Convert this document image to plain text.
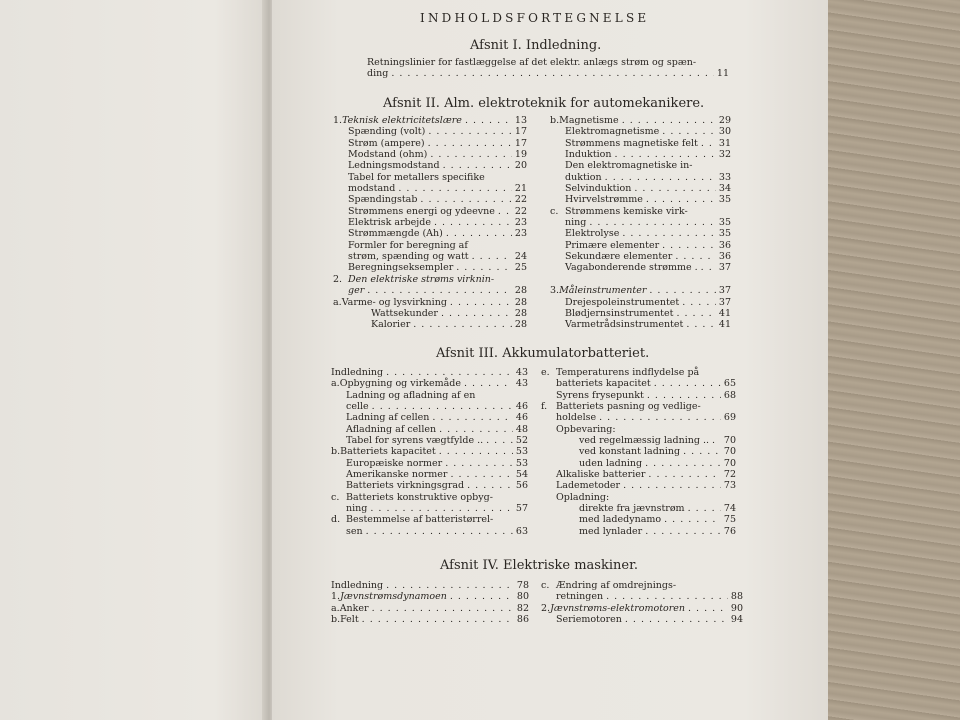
INDHOLDSFORTEGNELSE
Afsnit I. Indledning.
Retningslinier for fastlæggelse af det elektr. anlægs strøm og spæn-
ding . . .	11
Afsnit II. Alm. elektroteknik for automekanikere.
1. Teknisk elektricitetslære . . .	13
Spænding (volt) . . .	17
Strøm (ampere) . . .	17
Modstand (ohm) . . .	19
Ledningsmodstand . . .	20
Tabel for metallers specifike
modstand . . .	21
Spændingstab . . .	22
Strømmens energi og ydeevne . . . 22
Elektrisk arbejde . . .	23
Strømmængde (Ah) . . .	23
Formler for beregning af
strøm, spænding og watt . . .	24
Beregningseksempler . . .	25
2. Den elektriske strøms virknin-
ger . . .	28
a. Varme- og lysvirkning . . .	28
Wattsekunder . . .	28
Kalorier . . .	28
b. Magnetisme . . .	29
Elektromagnetisme . . .	30
Strømmens magnetiske felt . . . 31
Induktion . . .	32
Den elektromagnetiske in-
duktion . . .	33
Selvinduktion . . .	34
Hvirvelstrømme . . .	35
c. Strømmens kemiske virk-
ning . . .	35
Elektrolyse . . .	35
Primære elementer . . .	36
Sekundære elementer . . .	36
Vagabonderende strømme . . . . 37
3. Måleinstrumenter . . .	37
Drejespoleinstrumentet . . .	37
Blødjernsinstrumentet . . .	41
Varmetrådsinstrumentet . . .	41
Afsnit III. Akkumulatorbatteriet.
Indledning . . .	43
a. Opbygning og virkemåde . . .	43
Ladning og afladning af en
celle . . .	46
Ladning af cellen . . .	46
Afladning af cellen . . .	48
Tabel for syrens vægtfylde .. . . .	52
b. Batteriets kapacitet . . .	53
Europæiske normer . . .	53
Amerikanske normer . . .	54
Batteriets virkningsgrad . . .	56
c. Batteriets konstruktive opbyg-
ning . . .	57
d. Bestemmelse af batteristørrel-
sen . . .	63
e. Temperaturens indflydelse på
batteriets kapacitet . . .	65
Syrens frysepunkt . . .	68
f. Batteriets pasning og vedlige-
holdelse . . .	69
Opbevaring:
ved regelmæssig ladning .. . . . 70
ved konstant ladning . . .	70
uden ladning . . .	70
Alkaliske batterier . . .	72
Lademetoder . . .	73
Opladning:
direkte fra jævnstrøm . . .	74
med ladedynamo . . .	75
med lynlader . . .	76
Afsnit IV. Elektriske maskiner.
Indledning . . .	78
1. Jævnstrømsdynamoen . . .	80
a. Anker . . .	82
b. Felt . . .	86
c. Ændring af omdrejnings-
retningen . . .	88
2. Jævnstrøms-elektromotoren . . .	90
Seriemotoren . . .	94
